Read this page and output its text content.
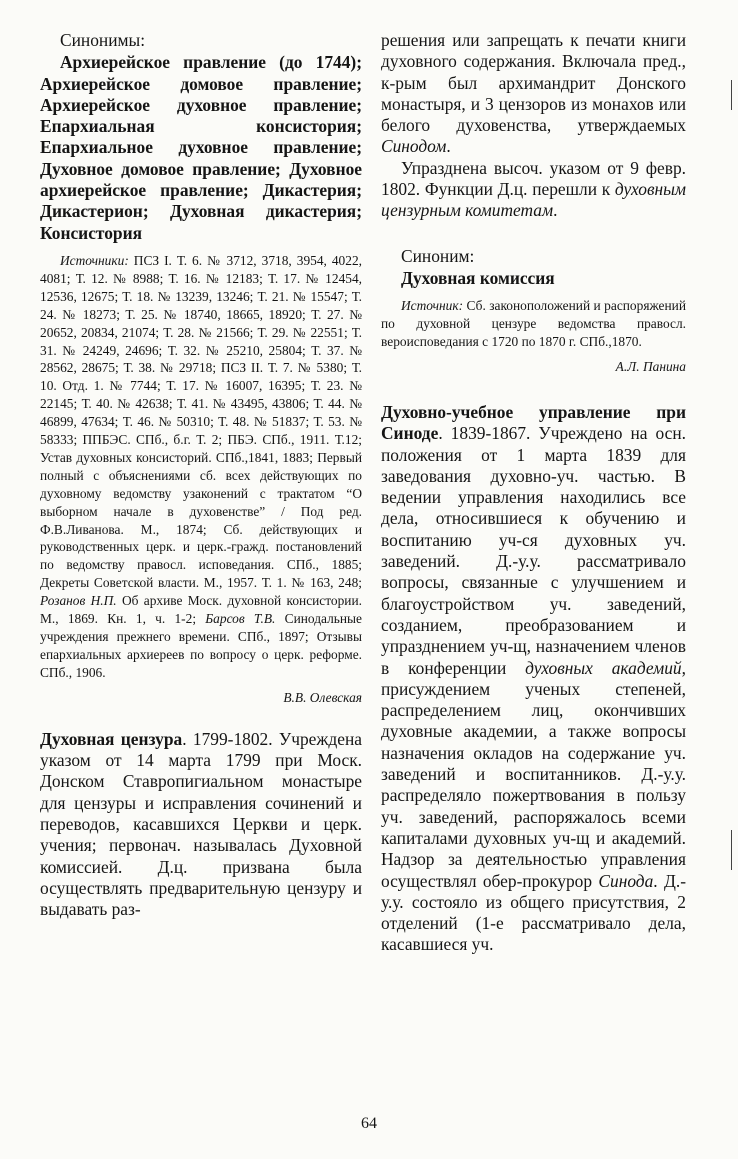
Синонимы:

Архиерейское правление (до 1744); Архиерейское домовое правление; Архиерейское духовное правление; Епархиальная консистория; Епархиальное духовное правление; Духовное домовое правление; Духовное архиерейское правление; Дикастерия; Дикастерион; Духовная дикастерия; Консистория

Источники: ПСЗ I. Т. 6. № 3712, 3718, 3954, 4022, 4081; Т. 12. № 8988; Т. 16. № 12183; Т. 17. № 12454, 12536, 12675; Т. 18. № 13239, 13246; Т. 21. № 15547; Т. 24. № 18273; Т. 25. № 18740, 18665, 18920; Т. 27. № 20652, 20834, 21074; Т. 28. № 21566; Т. 29. № 22551; Т. 31. № 24249, 24696; Т. 32. № 25210, 25804; Т. 37. № 28562, 28675; Т. 38. № 29718; ПСЗ II. Т. 7. № 5380; Т. 10. Отд. 1. № 7744; Т. 17. № 16007, 16395; Т. 23. № 22145; Т. 40. № 42638; Т. 41. № 43495, 43806; Т. 44. № 46899, 47634; Т. 46. № 50310; Т. 48. № 51837; Т. 53. № 58333; ППБЭС. СПб., б.г. Т. 2; ПБЭ. СПб., 1911. Т.12; Устав духовных консисторий. СПб.,1841, 1883; Первый полный с объяснениями сб. всех действующих по духовному ведомству узаконений с трактатом “О выборном начале в духовенстве” / Под ред. Ф.В.Ливанова. М., 1874; Сб. действующих и руководственных церк. и церк.-гражд. постановлений по ведомству правосл. исповедания. СПб., 1885; Декреты Советской власти. М., 1957. Т. 1. № 163, 248; Розанов Н.П. Об архиве Моск. духовной консистории. М., 1869. Кн. 1, ч. 1-2; Барсов Т.В. Синодальные учреждения прежнего времени. СПб., 1897; Отзывы епархиальных архиереев по вопросу о церк. реформе. СПб., 1906.

В.В. Олевская

Духовная цензура. 1799-1802. Учреждена указом от 14 марта 1799 при Моск. Донском Ставропигиальном монастыре для цензуры и исправления сочинений и переводов, касавшихся Церкви и церк. учения; первонач. называлась Духовной комиссией. Д.ц. призвана была осуществлять предварительную цензуру и выдавать раз-

решения или запрещать к печати книги духовного содержания. Включала пред., к-рым был архимандрит Донского монастыря, и 3 цензоров из монахов или белого духовенства, утверждаемых Синодом.

Упразднена высоч. указом от 9 февр. 1802. Функции Д.ц. перешли к духовным цензурным комитетам.

Синоним:

Духовная комиссия

Источник: Сб. законоположений и распоряжений по духовной цензуре ведомства правосл. вероисповедания с 1720 по 1870 г. СПб.,1870.

А.Л. Панина

Духовно-учебное управление при Синоде. 1839-1867. Учреждено на осн. положения от 1 марта 1839 для заведования духовно-уч. частью. В ведении управления находились все дела, относившиеся к обучению и воспитанию уч-ся духовных уч. заведений. Д.-у.у. рассматривало вопросы, связанные с улучшением и благоустройством уч. заведений, созданием, преобразованием и упразднением уч-щ, назначением членов в конференции духовных академий, присуждением ученых степеней, распределением лиц, окончивших духовные академии, а также вопросы назначения окладов на содержание уч. заведений и воспитанников. Д.-у.у. распределяло пожертвования в пользу уч. заведений, распоряжалось всеми капиталами духовных уч-щ и академий. Надзор за деятельностью управления осуществлял обер-прокурор Синода. Д.-у.у. состояло из общего присутствия, 2 отделений (1-е рассматривало дела, касавшиеся уч.

64
